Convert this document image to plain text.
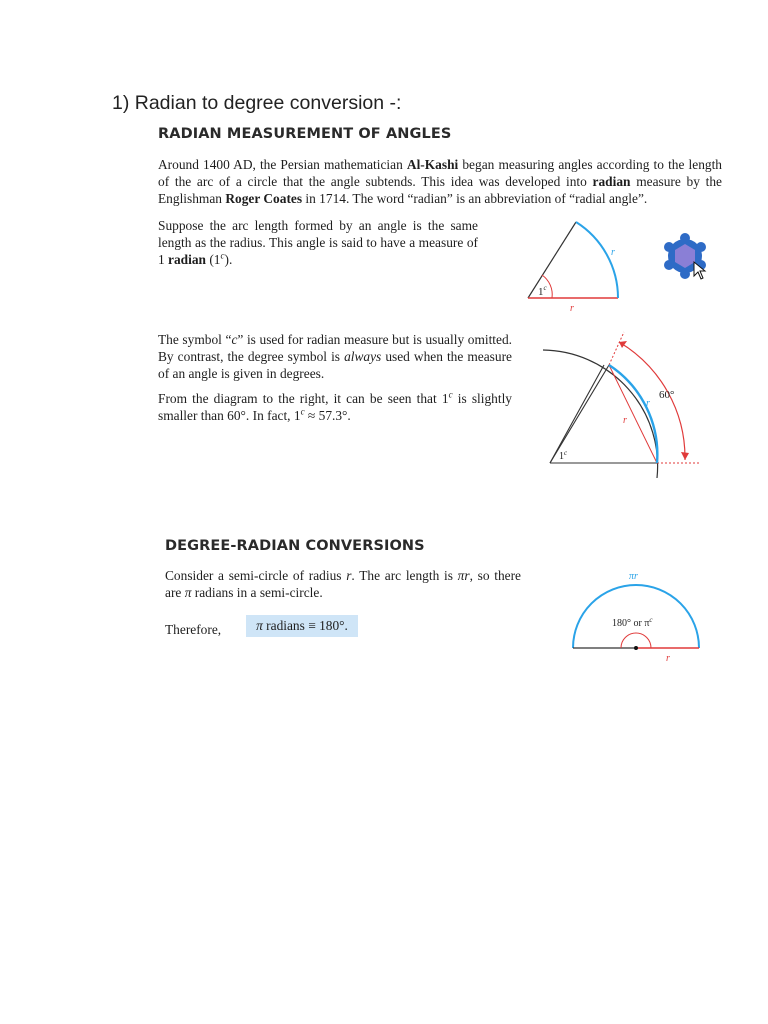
1) Radian to degree conversion -:
RADIAN MEASUREMENT OF ANGLES
Around 1400 AD, the Persian mathematician Al-Kashi began measuring angles according to the length of the arc of a circle that the angle subtends. This idea was developed into radian measure by the Englishman Roger Coates in 1714. The word “radian” is an abbreviation of “radial angle”.
Suppose the arc length formed by an angle is the same length as the radius. This angle is said to have a measure of 1 radian (1$^c$).
The symbol “c” is used for radian measure but is usually omitted. By contrast, the degree symbol is always used when the measure of an angle is given in degrees.
From the diagram to the right, it can be seen that 1$^c$ is slightly smaller than 60°. In fact, $1^c \approx 57.3^\circ$.
1$^c$
r
r
1$^c$
60°
r
r
DEGREE-RADIAN CONVERSIONS
Consider a semi-circle of radius r. The arc length is πr, so there are π radians in a semi-circle.
Therefore,	π radians ≡ 180°.
πr
180° or $\pi^c$
r
